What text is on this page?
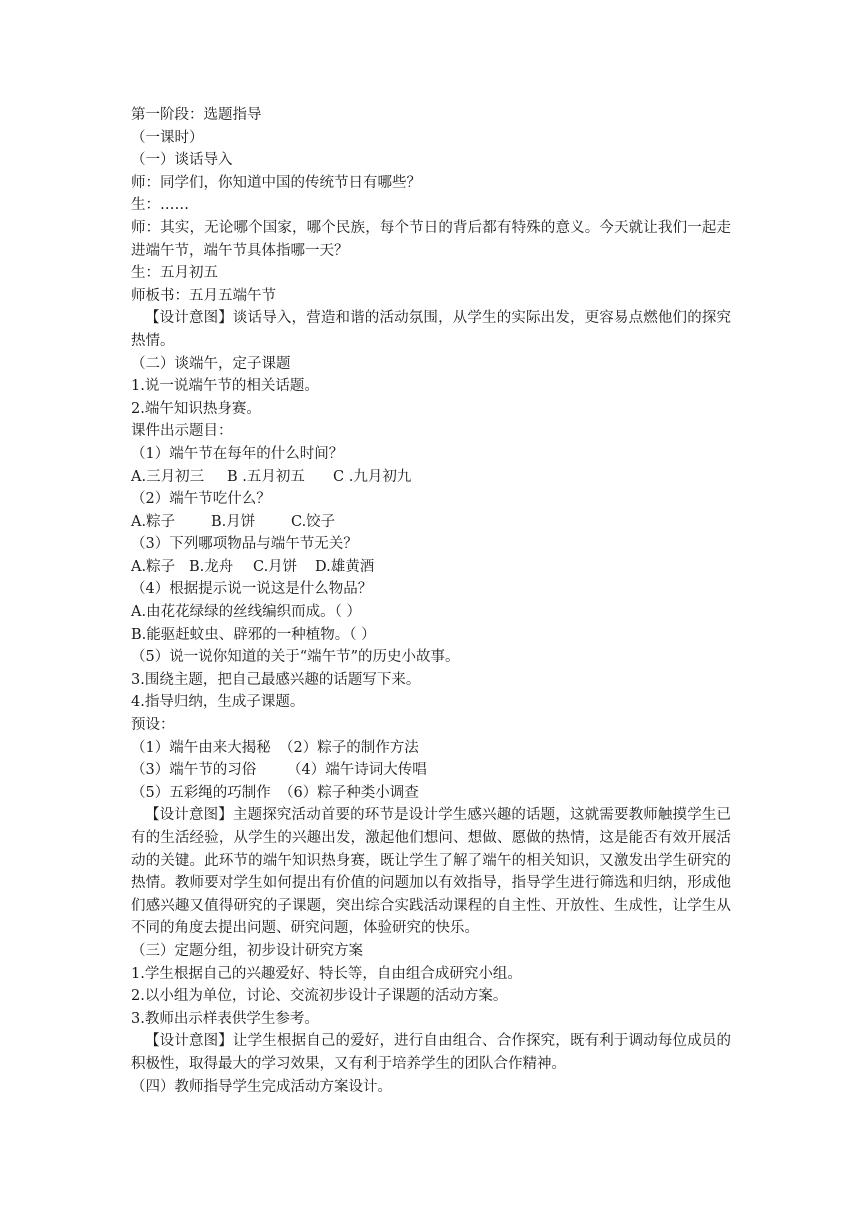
第一阶段：选题指导
（一课时）
（一）谈话导入
师：同学们，你知道中国的传统节日有哪些？
生：……
师：其实，无论哪个国家，哪个民族，每个节日的背后都有特殊的意义。今天就让我们一起走进端午节，端午节具体指哪一天？
生：五月初五
师板书：五月五端午节
【设计意图】谈话导入，营造和谐的活动氛围，从学生的实际出发，更容易点燃他们的探究热情。
（二）谈端午，定子课题
1.说一说端午节的相关话题。
2.端午知识热身赛。
课件出示题目：
（1）端午节在每年的什么时间？
A.三月初三 B .五月初五 C .九月初九
（2）端午节吃什么？
A.粽子 B.月饼 C.饺子
（3）下列哪项物品与端午节无关？
A.粽子 B.龙舟 C.月饼 D.雄黄酒
（4）根据提示说一说这是什么物品？
A.由花花绿绿的丝线编织而成。（ ）
B.能驱赶蚊虫、辟邪的一种植物。（ ）
（5）说一说你知道的关于“端午节”的历史小故事。
3.围绕主题，把自己最感兴趣的话题写下来。
4.指导归纳，生成子课题。
预设：
（1）端午由来大揭秘 （2）粽子的制作方法
（3）端午节的习俗 （4）端午诗词大传唱
（5）五彩绳的巧制作 （6）粽子种类小调查
【设计意图】主题探究活动首要的环节是设计学生感兴趣的话题，这就需要教师触摸学生已有的生活经验，从学生的兴趣出发，激起他们想问、想做、愿做的热情，这是能否有效开展活动的关键。此环节的端午知识热身赛，既让学生了解了端午的相关知识，又激发出学生研究的热情。教师要对学生如何提出有价值的问题加以有效指导，指导学生进行筛选和归纳，形成他们感兴趣又值得研究的子课题，突出综合实践活动课程的自主性、开放性、生成性，让学生从不同的角度去提出问题、研究问题，体验研究的快乐。
（三）定题分组，初步设计研究方案
1.学生根据自己的兴趣爱好、特长等，自由组合成研究小组。
2.以小组为单位，讨论、交流初步设计子课题的活动方案。
3.教师出示样表供学生参考。
【设计意图】让学生根据自己的爱好，进行自由组合、合作探究，既有利于调动每位成员的积极性，取得最大的学习效果，又有利于培养学生的团队合作精神。
（四）教师指导学生完成活动方案设计。
